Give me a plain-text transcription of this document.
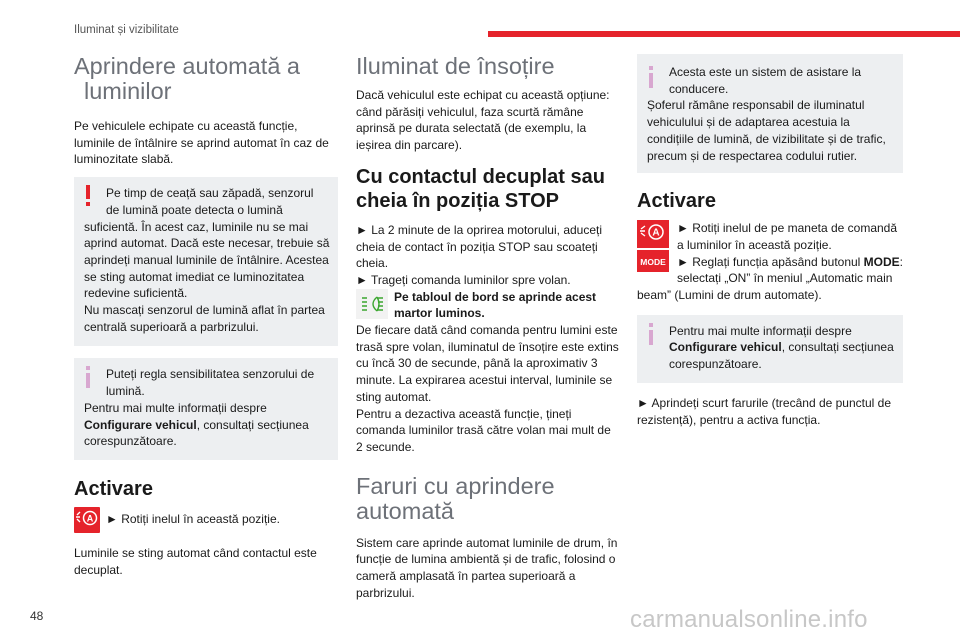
Iluminat și vizibilitate
Aprindere automată a
luminilor
Pe vehiculele echipate cu această funcție, luminile de întâlnire se aprind automat în caz de luminozitate slabă.
Pe timp de ceață sau zăpadă, senzorul de lumină poate detecta o lumină
suficientă. În acest caz, luminile nu se mai aprind automat. Dacă este necesar, trebuie să aprindeți manual luminile de întâlnire. Acestea se sting automat imediat ce luminozitatea redevine suficientă.
Nu mascați senzorul de lumină aflat în partea centrală superioară a parbrizului.
Puteți regla sensibilitatea senzorului de lumină.
Pentru mai multe informații despre Configurare vehicul, consultați secțiunea corespunzătoare.
Activare
A	► Rotiți inelul în această poziție.
Luminile se sting automat când contactul este decuplat.
Iluminat de însoțire
Dacă vehiculul este echipat cu această opțiune: când părăsiți vehiculul, faza scurtă rămâne aprinsă pe durata selectată (de exemplu, la ieșirea din parcare).
Cu contactul decuplat sau cheia în poziția STOP
► La 2 minute de la oprirea motorului, aduceți cheia de contact în poziția STOP sau scoateți cheia.
► Trageți comanda luminilor spre volan.
Pe tabloul de bord se aprinde acest martor luminos.
De fiecare dată când comanda pentru lumini este trasă spre volan, iluminatul de însoțire este extins cu încă 30 de secunde, până la aproximativ 3 minute. La expirarea acestui interval, luminile se sting automat.
Pentru a dezactiva această funcție, țineți comanda luminilor trasă către volan mai mult de 2 secunde.
Faruri cu aprindere automată
Sistem care aprinde automat luminile de drum, în funcție de lumina ambientă și de trafic, folosind o cameră amplasată în partea superioară a parbrizului.
Acesta este un sistem de asistare la conducere.
Șoferul rămâne responsabil de iluminatul vehiculului și de adaptarea acestuia la condițiile de lumină, de vizibilitate și de trafic, precum și de respectarea codului rutier.
Activare
A
MODE
► Rotiți inelul de pe maneta de comandă a luminilor în această poziție.
► Reglați funcția apăsând butonul MODE: selectați „ON” în meniul „Automatic main beam” (Lumini de drum automate).
Pentru mai multe informații despre Configurare vehicul, consultați secțiunea corespunzătoare.
► Aprindeți scurt farurile (trecând de punctul de rezistență), pentru a activa funcția.
48	carmanualsonline.info
